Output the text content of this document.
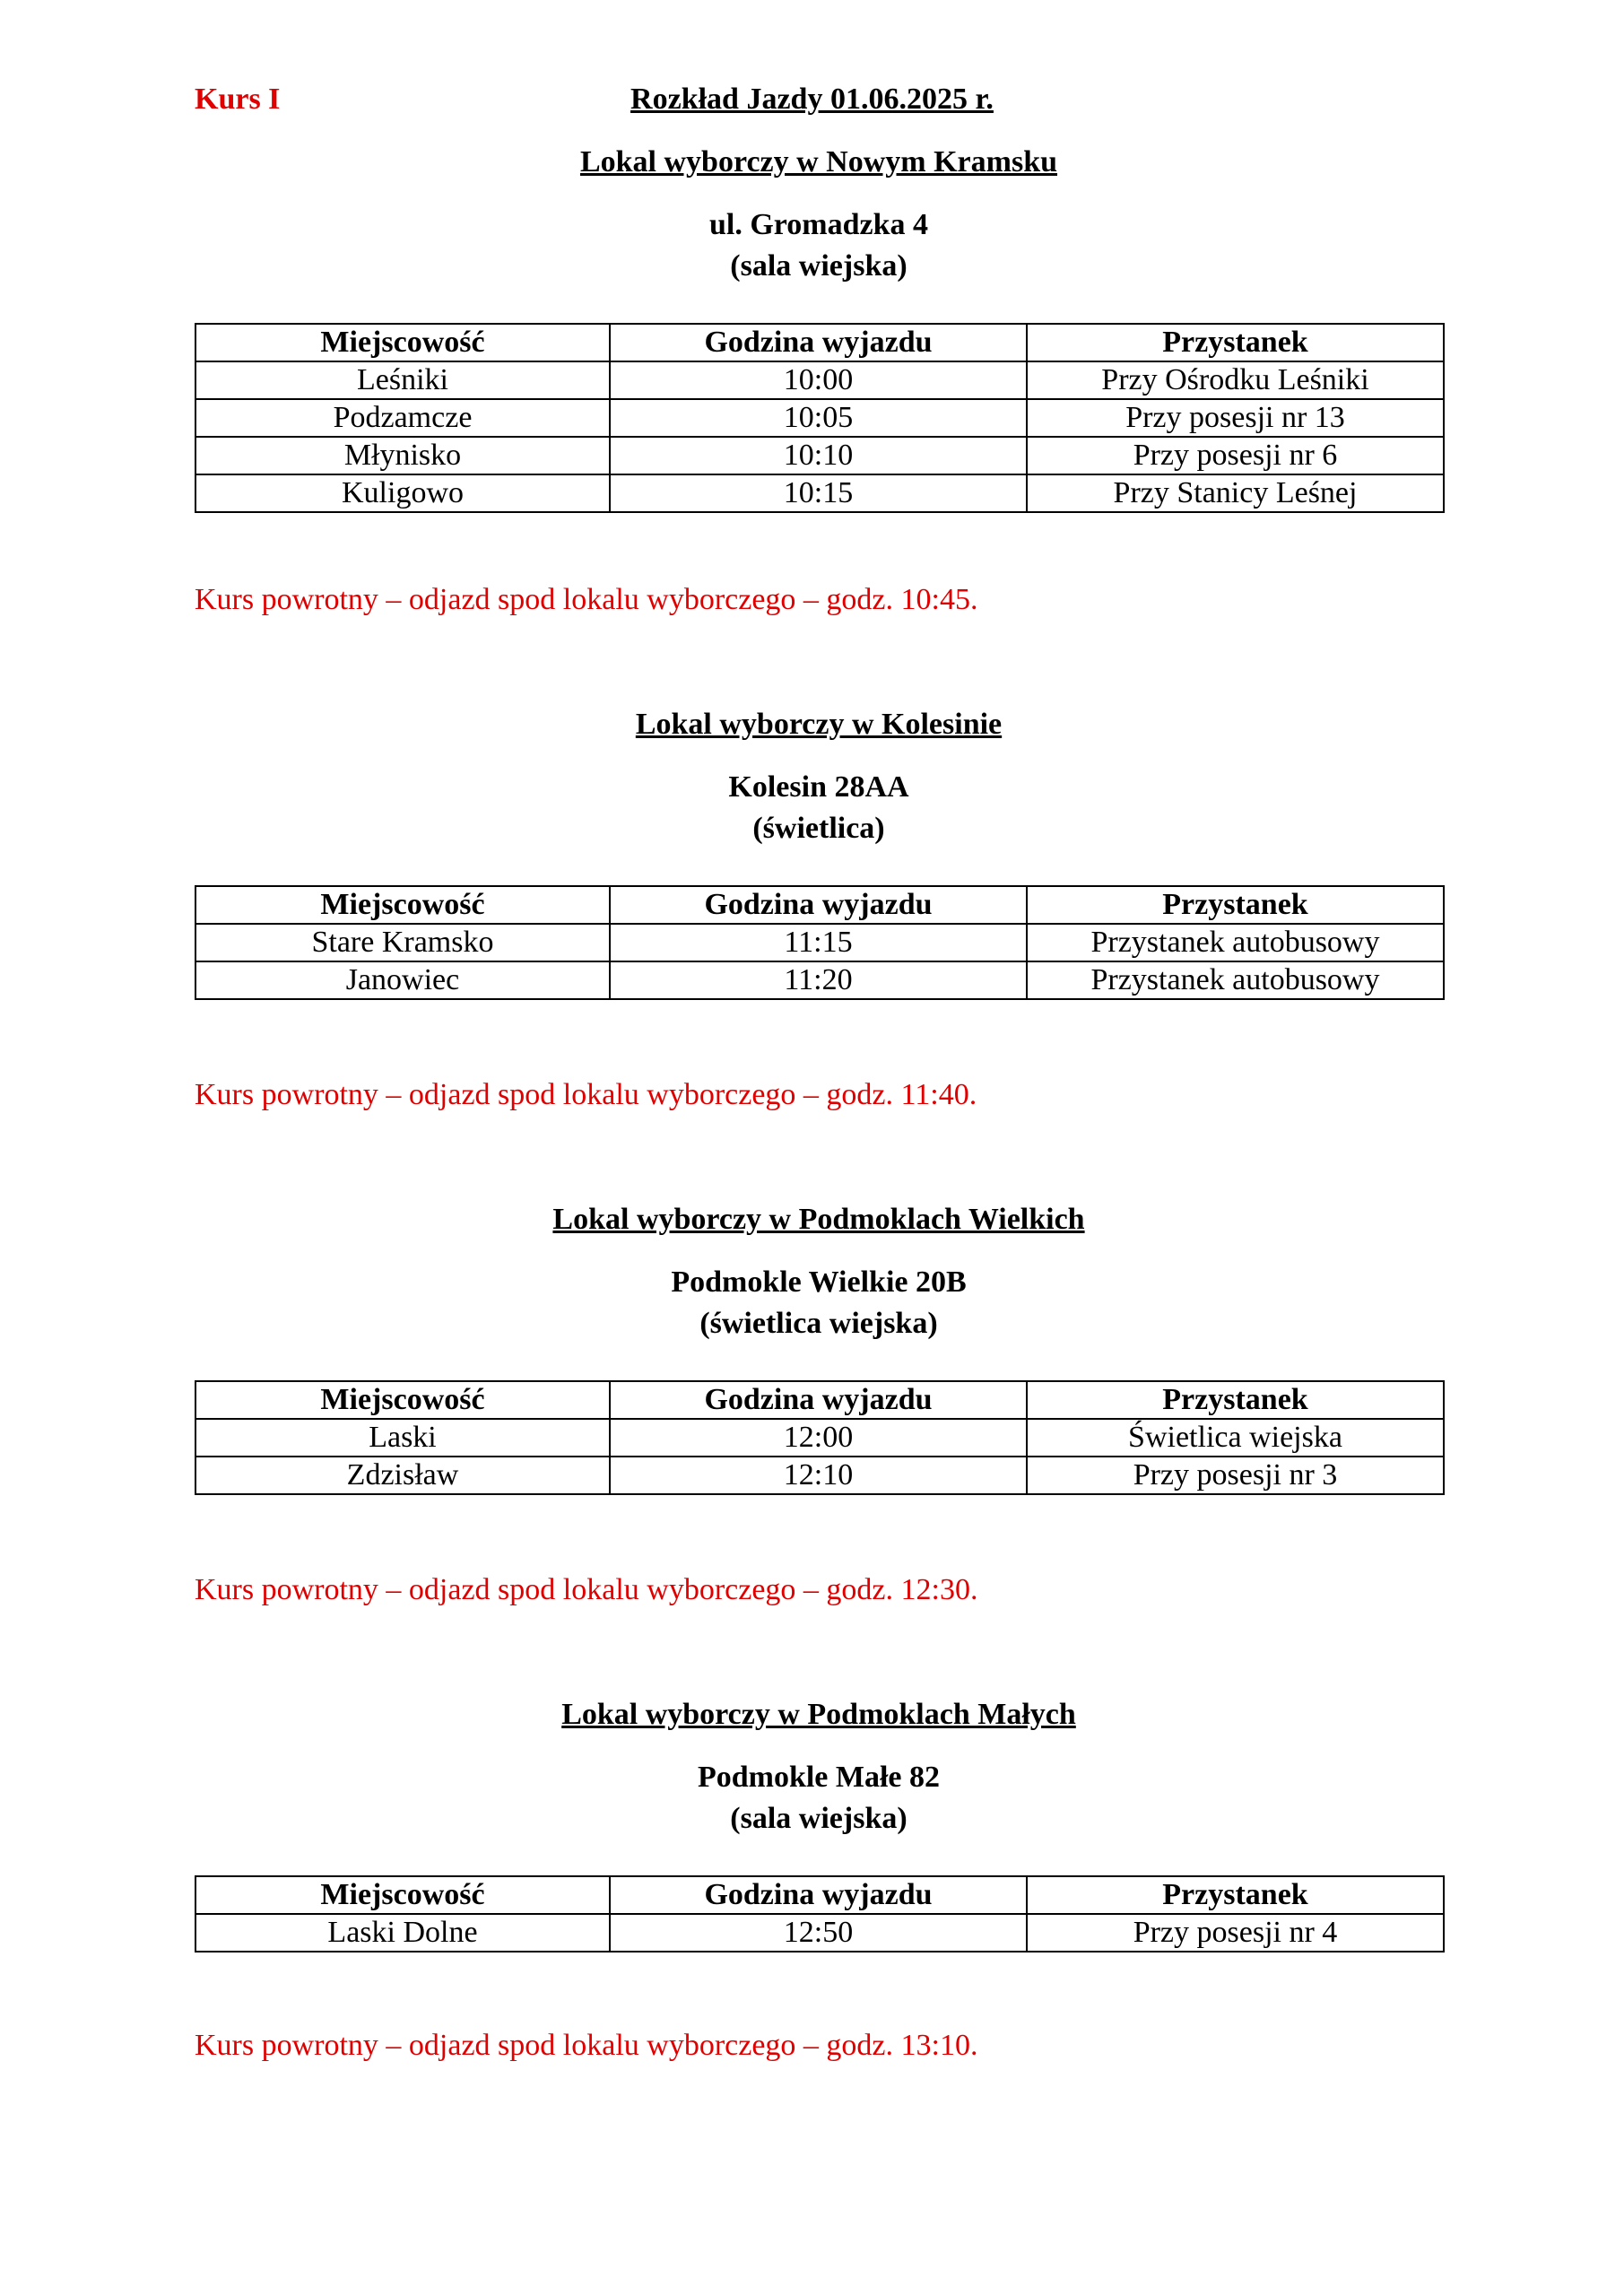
Kurs I	Rozkład Jazdy 01.06.2025 r.
Lokal wyborczy w Nowym Kramsku
ul. Gromadzka 4
(sala wiejska)
Miejscowość	Godzina wyjazdu	Przystanek
Leśniki	10:00	Przy Ośrodku Leśniki
Podzamcze	10:05	Przy posesji nr 13
Młynisko	10:10	Przy posesji nr 6
Kuligowo	10:15	Przy Stanicy Leśnej
Kurs powrotny – odjazd spod lokalu wyborczego – godz. 10:45.
Lokal wyborczy w Kolesinie
Kolesin 28AA
(świetlica)
Miejscowość	Godzina wyjazdu	Przystanek
Stare Kramsko	11:15	Przystanek autobusowy
Janowiec	11:20	Przystanek autobusowy
Kurs powrotny – odjazd spod lokalu wyborczego – godz. 11:40.
Lokal wyborczy w Podmoklach Wielkich
Podmokle Wielkie 20B
(świetlica wiejska)
Miejscowość	Godzina wyjazdu	Przystanek
Laski	12:00	Świetlica wiejska
Zdzisław	12:10	Przy posesji nr 3
Kurs powrotny – odjazd spod lokalu wyborczego – godz. 12:30.
Lokal wyborczy w Podmoklach Małych
Podmokle Małe 82
(sala wiejska)
Miejscowość	Godzina wyjazdu	Przystanek
Laski Dolne	12:50	Przy posesji nr 4
Kurs powrotny – odjazd spod lokalu wyborczego – godz. 13:10.
